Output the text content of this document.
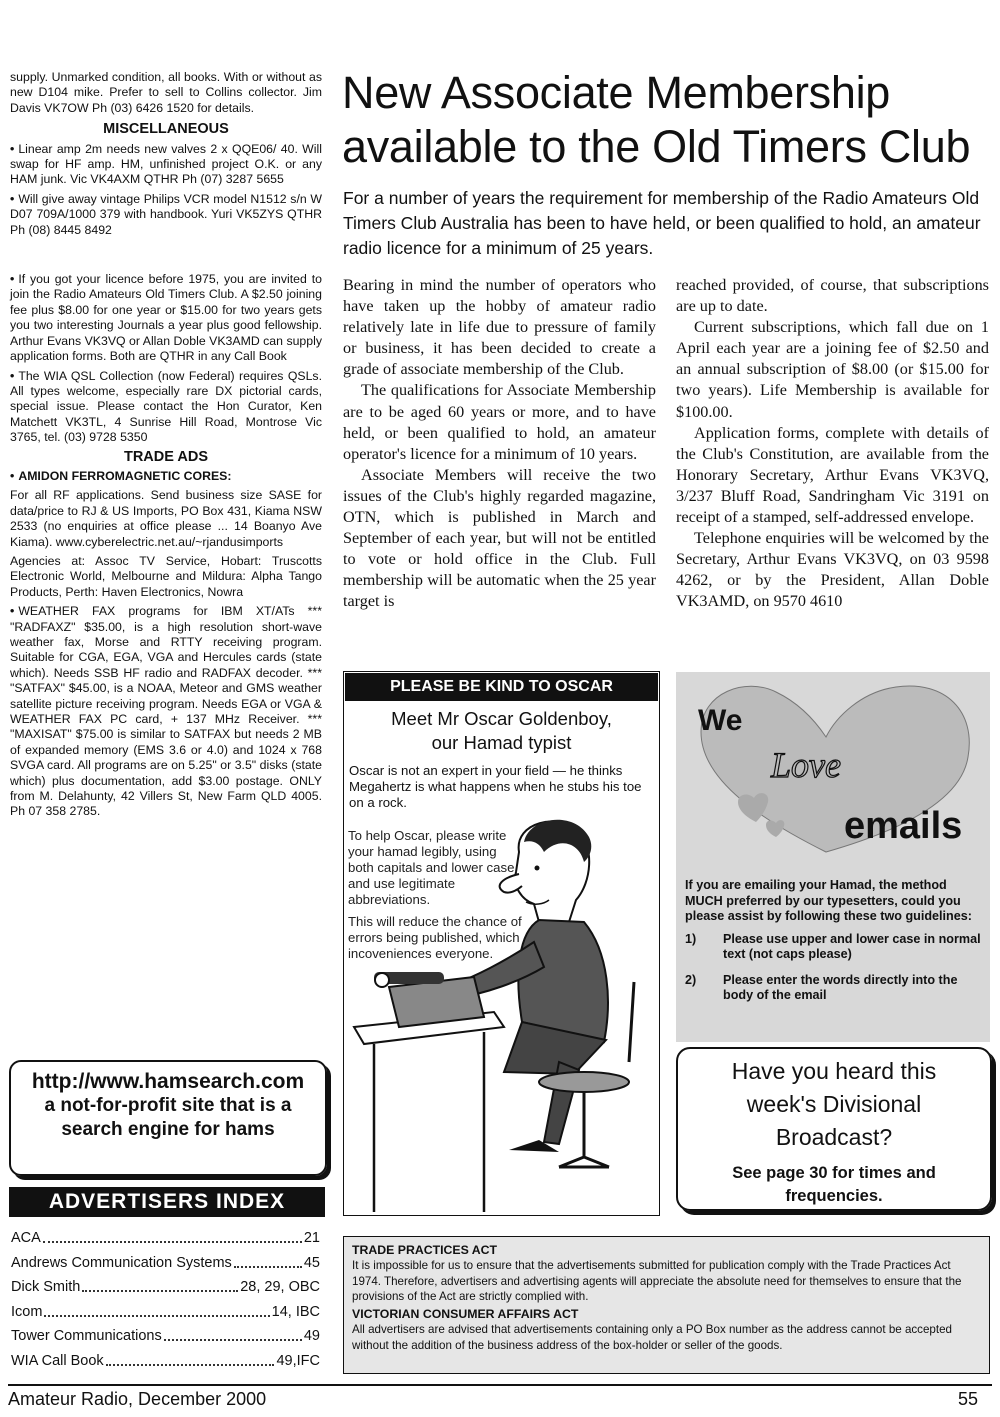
supply. Unmarked condition, all books. With or without as new D104 mike. Prefer to sell to Collins collector. Jim Davis VK7OW Ph (03) 6426 1520 for details.

MISCELLANEOUS

• Linear amp 2m needs new valves 2 x QQE06/ 40. Will swap for HF amp. HM, unfinished project O.K. or any HAM junk. Vic VK4AXM QTHR Ph (07) 3287 5655

• Will give away vintage Philips VCR model N1512 s/n W D07 709A/1000 379 with handbook. Yuri VK5ZYS QTHR Ph (08) 8445 8492

• If you got your licence before 1975, you are invited to join the Radio Amateurs Old Timers Club. A $2.50 joining fee plus $8.00 for one year or $15.00 for two years gets you two interesting Journals a year plus good fellowship. Arthur Evans VK3VQ or Allan Doble VK3AMD can supply application forms. Both are QTHR in any Call Book

• The WIA QSL Collection (now Federal) requires QSLs. All types welcome, especially rare DX pictorial cards, special issue. Please contact the Hon Curator, Ken Matchett VK3TL, 4 Sunrise Hill Road, Montrose Vic 3765, tel. (03) 9728 5350

TRADE ADS

• AMIDON FERROMAGNETIC CORES:

For all RF applications. Send business size SASE for data/price to RJ & US Imports, PO Box 431, Kiama NSW 2533 (no enquiries at office please ... 14 Boanyo Ave Kiama). www.cyberelectric.net.au/~rjandusimports

Agencies at: Assoc TV Service, Hobart: Truscotts Electronic World, Melbourne and Mildura: Alpha Tango Products, Perth: Haven Electronics, Nowra

• WEATHER FAX programs for IBM XT/ATs *** "RADFAXZ" $35.00, is a high resolution short-wave weather fax, Morse and RTTY receiving program. Suitable for CGA, EGA, VGA and Hercules cards (state which). Needs SSB HF radio and RADFAX decoder. *** "SATFAX" $45.00, is a NOAA, Meteor and GMS weather satellite picture receiving program. Needs EGA or VGA & WEATHER FAX PC card, + 137 MHz Receiver. *** "MAXISAT" $75.00 is similar to SATFAX but needs 2 MB of expanded memory (EMS 3.6 or 4.0) and 1024 x 768 SVGA card. All programs are on 5.25" or 3.5" disks (state which) plus documentation, add $3.00 postage. ONLY from M. Delahunty, 42 Villers St, New Farm QLD 4005. Ph 07 358 2785.

http://www.hamsearch.com
a not-for-profit site that is a
search engine for hams
ADVERTISERS INDEX
ACA	21
Andrews Communication Systems	45
Dick Smith	28, 29, OBC
Icom	14, IBC
Tower Communications	49
WIA Call Book	49,IFC
New Associate Membership
available to the Old Timers Club

For a number of years the requirement for membership of the Radio Amateurs Old Timers Club Australia has been to have held, or been qualified to hold, an amateur radio licence for a minimum of 25 years.

Bearing in mind the number of operators who have taken up the hobby of amateur radio relatively late in life due to pressure of family or business, it has been decided to create a grade of associate membership of the Club.

The qualifications for Associate Membership are to be aged 60 years or more, and to have held, or been qualified to hold, an amateur operator's licence for a minimum of 10 years.

Associate Members will receive the two issues of the Club's highly regarded magazine, OTN, which is published in March and September of each year, but will not be entitled to vote or hold office in the Club. Full membership will be automatic when the 25 year target is

reached provided, of course, that subscriptions are up to date.

Current subscriptions, which fall due on 1 April each year are a joining fee of $2.50 and an annual subscription of $8.00 (or $15.00 for two years). Life Membership is available for $100.00.

Application forms, complete with details of the Club's Constitution, are available from the Honorary Secretary, Arthur Evans VK3VQ, 3/237 Bluff Road, Sandringham Vic 3191 on receipt of a stamped, self-addressed envelope.

Telephone enquiries will be welcomed by the Secretary, Arthur Evans VK3VQ, on 03 9598 4262, or by the President, Allan Doble VK3AMD, on 9570 4610

PLEASE BE KIND TO OSCAR
Meet Mr Oscar Goldenboy,
our Hamad typist
Oscar is not an expert in your field — he thinks Megahertz is what happens when he stubs his toe on a rock.

To help Oscar, please write your hamad legibly, using both capitals and lower case, and use legitimate abbreviations.

This will reduce the chance of errors being published, which incoveniences everyone.

We
Love
emails

If you are emailing your Hamad, the method MUCH preferred by our typesetters, could you please assist by following these two guidelines:

1)	Please use upper and lower case in normal text (not caps please)
2)	Please enter the words directly into the body of the email
Have you heard this
week's Divisional
Broadcast?
See page 30 for times and
frequencies.
TRADE PRACTICES ACT

It is impossible for us to ensure that the advertisements submitted for publication comply with the Trade Practices Act 1974. Therefore, advertisers and advertising agents will appreciate the absolute need for themselves to ensure that the provisions of the Act are strictly complied with.

VICTORIAN CONSUMER AFFAIRS ACT

All advertisers are advised that advertisements containing only a PO Box number as the address cannot be accepted without the addition of the business address of the box-holder or seller of the goods.

Amateur Radio, December 2000	55
